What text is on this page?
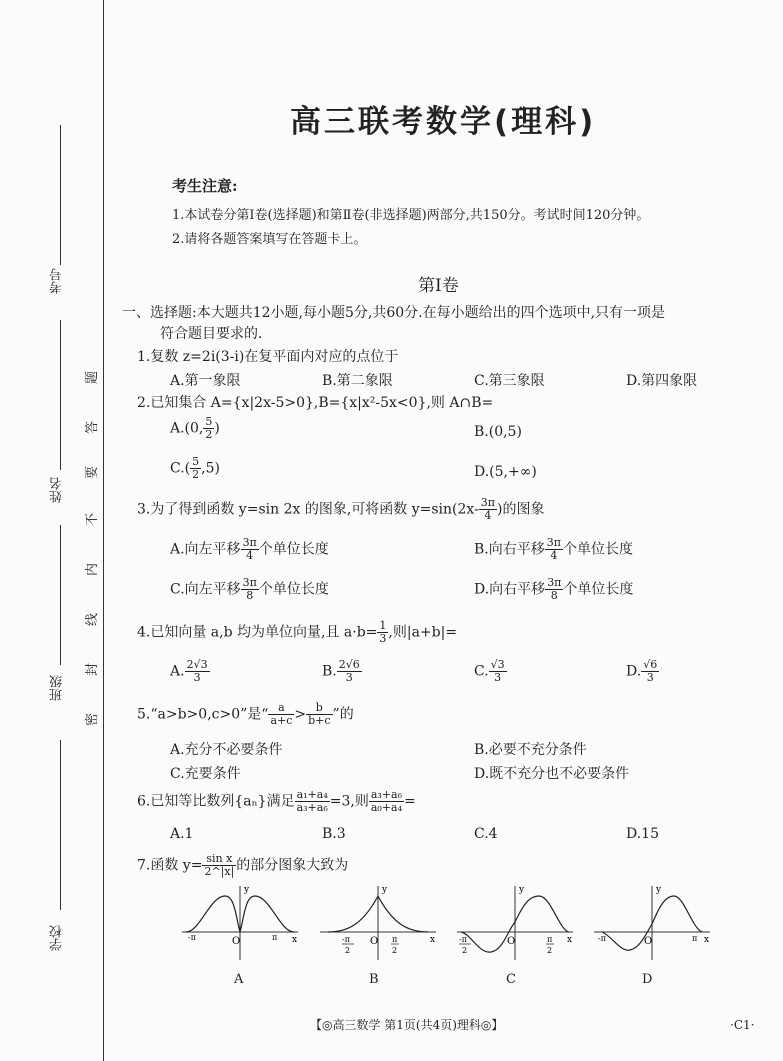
考号
姓名
班级
学校
题
答
要
不
内
线
封
密
高三联考数学(理科)
考生注意:
1.本试卷分第Ⅰ卷(选择题)和第Ⅱ卷(非选择题)两部分,共150分。考试时间120分钟。
2.请将各题答案填写在答题卡上。
第Ⅰ卷
一、选择题:本大题共12小题,每小题5分,共60分.在每小题给出的四个选项中,只有一项是
符合题目要求的.
1.复数 z=2i(3-i)在复平面内对应的点位于
A.第一象限	B.第二象限	C.第三象限	D.第四象限
2.已知集合 A={x|2x-5>0},B={x|x²-5x<0},则 A∩B=
A.(0, $\frac{5}{2}$ )	B.(0,5)
$C.( \frac{5}{2} ,5)$	D.(5,+∞)
3.为了得到函数 y=sin 2x 的图象,可将函数 $y=\sin(2x- \frac{3\pi}{4}$ )的图象
A.向左平移 $\frac{3\pi}{4}$ 个单位长度	B.向右平移 $\frac{3\pi}{4}$ 个单位长度
C.向左平移 $\frac{3\pi}{8}$ 个单位长度	D.向右平移 $\frac{3\pi}{8}$ 个单位长度
4.已知向量 a,b 均为单位向量,且 $a\cdot b= \frac{1}{3}$ ,则|a+b|=
A. $\frac{2√3}{3}$	B. $\frac{2√6}{3}$	C. $\frac{√3}{3}$	D. $\frac{√6}{3}$
5.“a>b>0,c>0”是“ $\frac{a}{a+c} > \frac{b}{b+c}$ ”的
A.充分不必要条件	B.必要不充分条件
C.充要条件	D.既不充分也不必要条件
6.已知等比数列{aₙ}满足 $\frac{\text{a₁+a₄}}{\text{a₃+a₆}} =3$,则 $\frac{\text{a₃+a₆}}{\text{a₀+a₄}}$ =
A.1	B.3	C.4	D.15
7.函数 $y= \frac{\text{sin x}}{2\^{}|x|}$ 的部分图象大致为
y
x
O
-π	π
A
y
x
O
-π
2
π
2
B
y
x
O
-π
2
π
2
C
y
x
O
-π	π
D
【◎高三数学 第1页(共4页)理科◎】	·C1·
